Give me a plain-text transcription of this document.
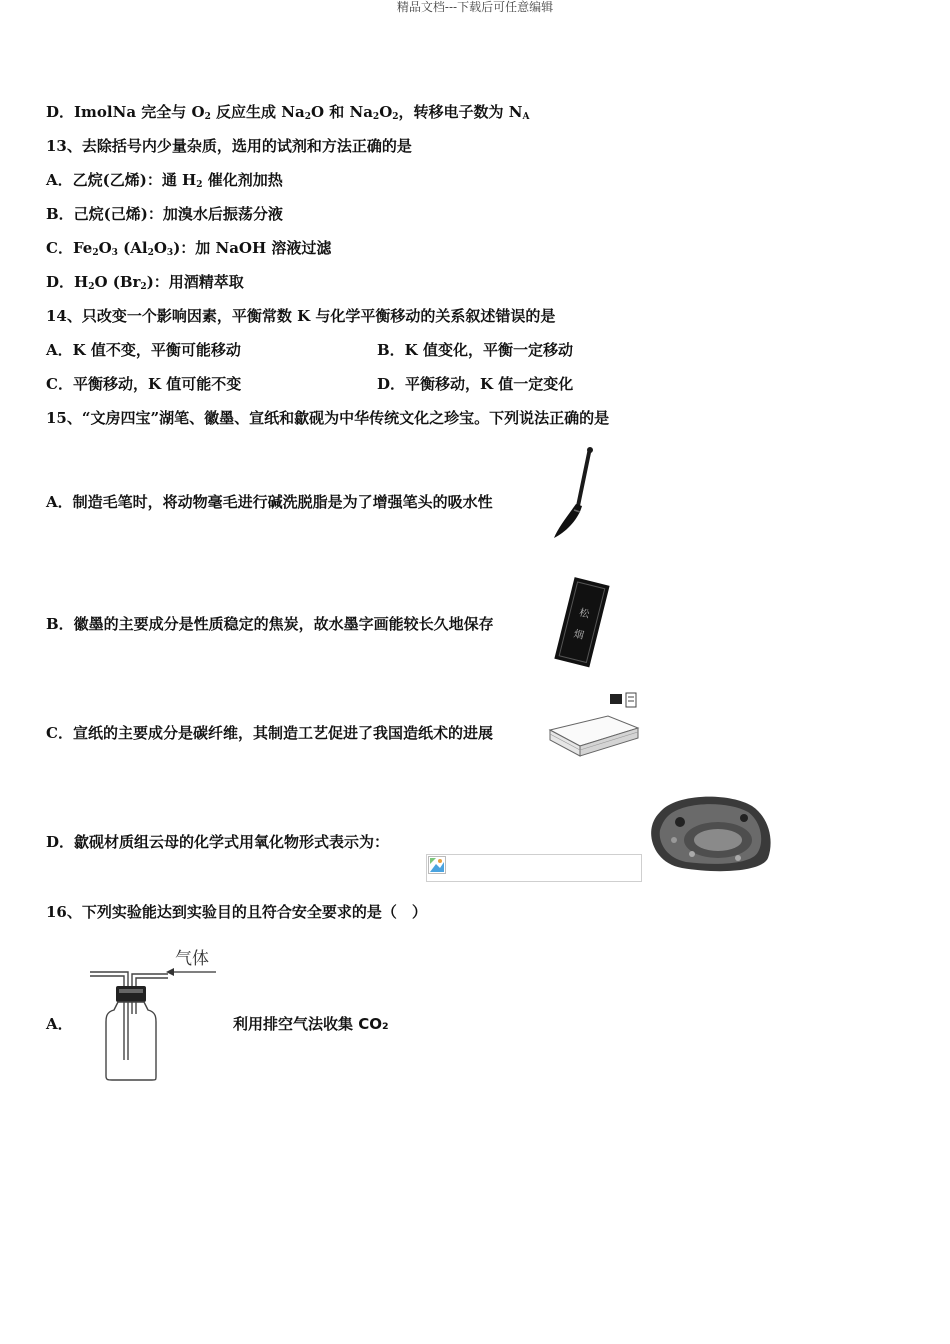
精品文档---下载后可任意编辑
D．ImolNa 完全与 $O_2$ 反应生成 $Na_2O$ 和 $Na_2O_2$，转移电子数为 $N_A$
13、去除括号内少量杂质，选用的试剂和方法正确的是
A．乙烷(乙烯)：通 $H_2$ 催化剂加热
B．己烷(己烯)：加溴水后振荡分液
C．$Fe_2O_3$ $(Al_2O_3)$：加 NaOH 溶液过滤
D．$H_2O$ $(Br_2)$：用酒精萃取
14、只改变一个影响因素，平衡常数 K 与化学平衡移动的关系叙述错误的是
A．K 值不变，平衡可能移动	B．K 值变化，平衡一定移动
C．平衡移动，K 值可能不变	D．平衡移动，K 值一定变化
15、“文房四宝”湖笔、徽墨、宣纸和歙砚为中华传统文化之珍宝。下列说法正确的是
A．制造毛笔时，将动物毫毛进行碱洗脱脂是为了增强笔头的吸水性
B．徽墨的主要成分是性质稳定的焦炭，故水墨字画能较长久地保存
松
烟
C．宣纸的主要成分是碳纤维，其制造工艺促进了我国造纸术的进展
D．歙砚材质组云母的化学式用氧化物形式表示为：
16、下列实验能达到实验目的且符合安全要求的是（　）
气体
A．	利用排空气法收集 CO₂
